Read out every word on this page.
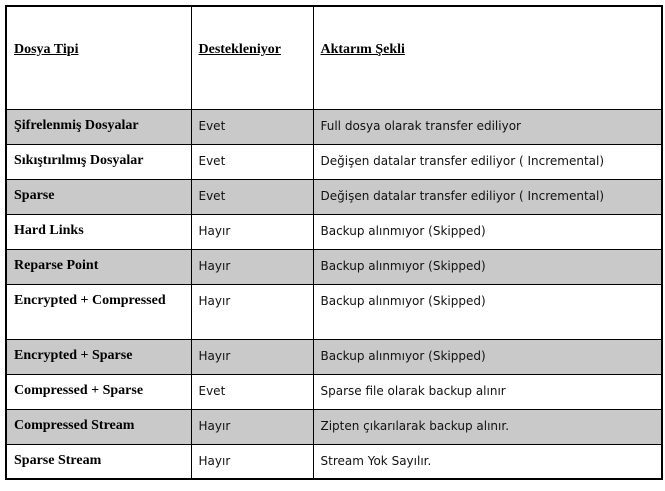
Dosya Tipi	Destekleniyor	Aktarım Şekli
Şifrelenmiş Dosyalar	Evet	Full dosya olarak transfer ediliyor
Sıkıştırılmış Dosyalar	Evet	Değişen datalar transfer ediliyor ( Incremental)
Sparse	Evet	Değişen datalar transfer ediliyor ( Incremental)
Hard Links	Hayır	Backup alınmıyor (Skipped)
Reparse Point	Hayır	Backup alınmıyor (Skipped)
Encrypted + Compressed	Hayır	Backup alınmıyor (Skipped)
Encrypted + Sparse	Hayır	Backup alınmıyor (Skipped)
Compressed + Sparse	Evet	Sparse file olarak backup alınır
Compressed Stream	Hayır	Zipten çıkarılarak backup alınır.
Sparse Stream	Hayır	Stream Yok Sayılır.
